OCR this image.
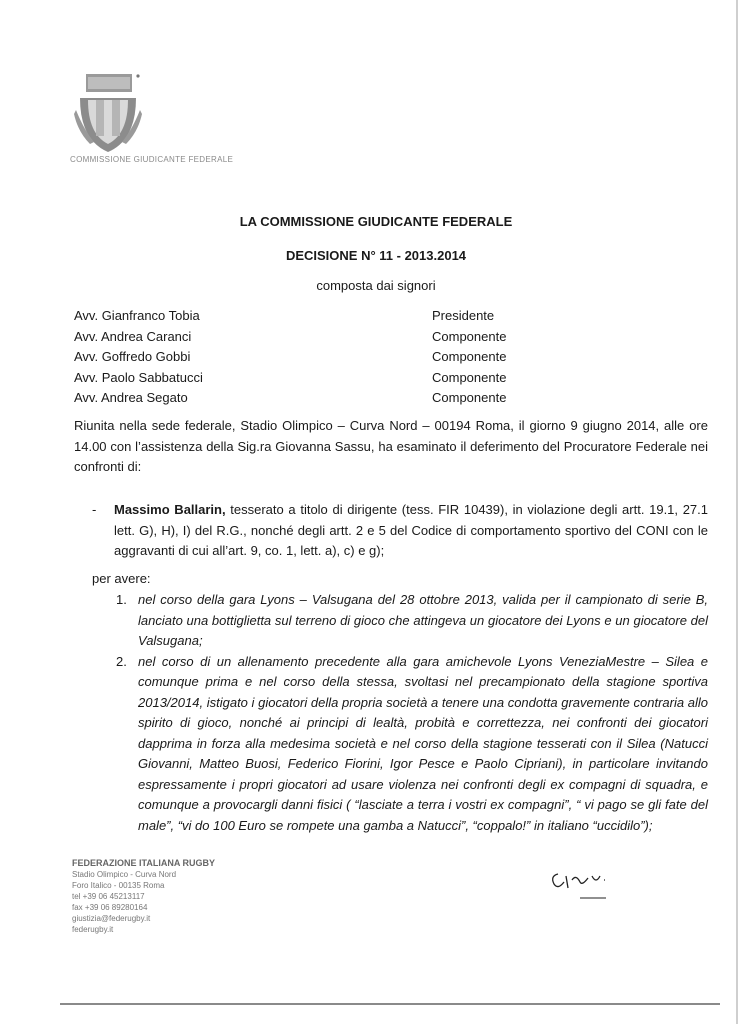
COMMISSIONE GIUDICANTE FEDERALE
LA COMMISSIONE GIUDICANTE FEDERALE
DECISIONE N° 11 - 2013.2014
composta dai signori
Avv. Gianfranco Tobia	Presidente
Avv. Andrea Caranci	Componente
Avv. Goffredo Gobbi	Componente
Avv. Paolo Sabbatucci	Componente
Avv. Andrea Segato	Componente
Riunita nella sede federale, Stadio Olimpico – Curva Nord – 00194 Roma, il giorno 9 giugno 2014, alle ore 14.00 con l’assistenza della Sig.ra Giovanna Sassu, ha esaminato il deferimento del Procuratore Federale nei confronti di:
- Massimo Ballarin, tesserato a titolo di dirigente (tess. FIR 10439), in violazione degli artt. 19.1, 27.1 lett. G), H), I) del R.G., nonché degli artt. 2 e 5 del Codice di comportamento sportivo del CONI con le aggravanti di cui all’art. 9, co. 1, lett. a), c) e g);
per avere:
1. nel corso della gara Lyons – Valsugana del 28 ottobre 2013, valida per il campionato di serie B, lanciato una bottiglietta sul terreno di gioco che attingeva un giocatore dei Lyons e un giocatore del Valsugana;
2. nel corso di un allenamento precedente alla gara amichevole Lyons VeneziaMestre – Silea e comunque prima e nel corso della stessa, svoltasi nel precampionato della stagione sportiva 2013/2014, istigato i giocatori della propria società a tenere una condotta gravemente contraria allo spirito di gioco, nonché ai principi di lealtà, probità e correttezza, nei confronti dei giocatori dapprima in forza alla medesima società e nel corso della stagione tesserati con il Silea (Natucci Giovanni, Matteo Buosi, Federico Fiorini, Igor Pesce e Paolo Cipriani), in particolare invitando espressamente i propri giocatori ad usare violenza nei confronti degli ex compagni di squadra, e comunque a provocargli danni fisici ( “lasciate a terra i vostri ex compagni”, “ vi pago se gli fate del male”, “vi do 100 Euro se rompete una gamba a Natucci”, “coppalo!” in italiano “uccidilo”);
FEDERAZIONE ITALIANA RUGBY
Stadio Olimpico - Curva Nord
Foro Italico - 00135 Roma
tel +39 06 45213117
fax +39 06 89280164
giustizia@federugby.it
federugby.it
